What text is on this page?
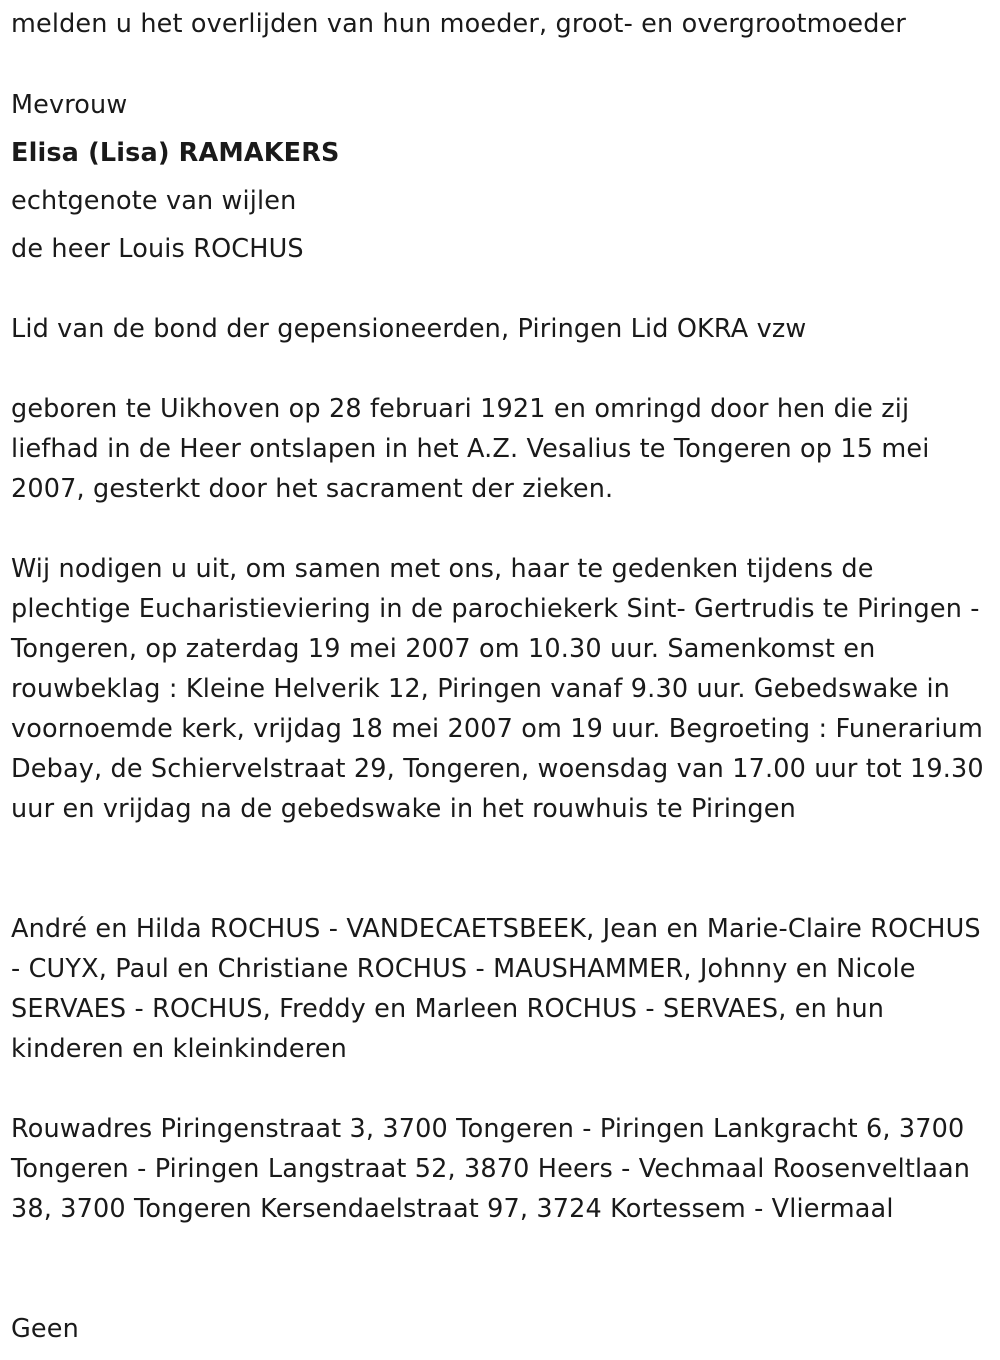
melden u het overlijden van hun moeder, groot- en overgrootmoeder
Mevrouw
Elisa (Lisa) RAMAKERS
echtgenote van wijlen
de heer Louis ROCHUS
Lid van de bond der gepensioneerden, Piringen Lid OKRA vzw
geboren te Uikhoven op 28 februari 1921 en omringd door hen die zij liefhad in de Heer ontslapen in het A.Z. Vesalius te Tongeren op 15 mei 2007, gesterkt door het sacrament der zieken.
Wij nodigen u uit, om samen met ons, haar te gedenken tijdens de plechtige Eucharistieviering in de parochiekerk Sint- Gertrudis te Piringen -Tongeren, op zaterdag 19 mei 2007 om 10.30 uur. Samenkomst en rouwbeklag : Kleine Helverik 12, Piringen vanaf 9.30 uur. Gebedswake in voornoemde kerk, vrijdag 18 mei 2007 om 19 uur. Begroeting : Funerarium Debay, de Schiervelstraat 29, Tongeren, woensdag van 17.00 uur tot 19.30 uur en vrijdag na de gebedswake in het rouwhuis te Piringen
André en Hilda ROCHUS - VANDECAETSBEEK, Jean en Marie-Claire ROCHUS - CUYX, Paul en Christiane ROCHUS - MAUSHAMMER, Johnny en Nicole SERVAES - ROCHUS, Freddy en Marleen ROCHUS - SERVAES, en hun kinderen en kleinkinderen
Rouwadres Piringenstraat 3, 3700 Tongeren - Piringen Lankgracht 6, 3700 Tongeren - Piringen Langstraat 52, 3870 Heers - Vechmaal Roosenveltlaan 38, 3700 Tongeren Kersendaelstraat 97, 3724 Kortessem - Vliermaal
Geen
